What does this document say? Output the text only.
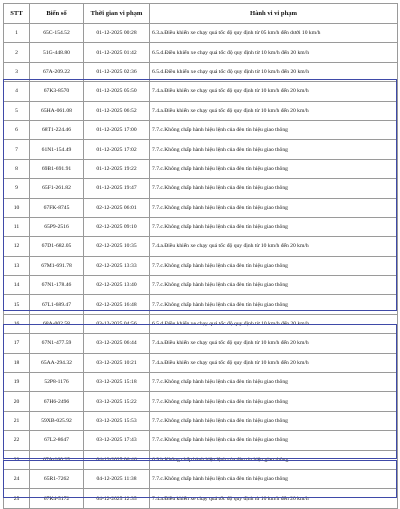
STT	Biển số	Thời gian vi phạm	Hành vi vi phạm
1	65C-154.52	01-12-2025 00:28	6.3.a.Điều khiển xe chạy quá tốc độ quy định từ 05 km/h đến dưới 10 km/h
2	51G-448.80	01-12-2025 01:42	6.5.d.Điều khiển xe chạy quá tốc độ quy định từ 10 km/h đến 20 km/h
3	67A-209.22	01-12-2025 02:36	6.5.d.Điều khiển xe chạy quá tốc độ quy định từ 10 km/h đến 20 km/h
4	67K3-8570	01-12-2025 05:50	7.4.a.Điều khiển xe chạy quá tốc độ quy định từ 10 km/h đến 20 km/h
5	65HA-061.08	01-12-2025 06:52	7.4.a.Điều khiển xe chạy quá tốc độ quy định từ 10 km/h đến 20 km/h
6	68T1-224.46	01-12-2025 17:00	7.7.c.Không chấp hành hiệu lệnh của đèn tín hiệu giao thông
7	61N1-154.49	01-12-2025 17:02	7.7.c.Không chấp hành hiệu lệnh của đèn tín hiệu giao thông
8	69B1-691.91	01-12-2025 19:22	7.7.c.Không chấp hành hiệu lệnh của đèn tín hiệu giao thông
9	65F1-261.82	01-12-2025 19:47	7.7.c.Không chấp hành hiệu lệnh của đèn tín hiệu giao thông
10	67FK-8745	02-12-2025 06:01	7.7.c.Không chấp hành hiệu lệnh của đèn tín hiệu giao thông
11	65P9-2516	02-12-2025 09:10	7.7.c.Không chấp hành hiệu lệnh của đèn tín hiệu giao thông
12	67D1-682.05	02-12-2025 10:35	7.4.a.Điều khiển xe chạy quá tốc độ quy định từ 10 km/h đến 20 km/h
13	67M1-691.78	02-12-2025 13:33	7.7.c.Không chấp hành hiệu lệnh của đèn tín hiệu giao thông
14	67N1-178.46	02-12-2025 13:40	7.7.c.Không chấp hành hiệu lệnh của đèn tín hiệu giao thông
15	67L1-689.47	02-12-2025 16:48	7.7.c.Không chấp hành hiệu lệnh của đèn tín hiệu giao thông
16	68A-002.58	03-12-2025 04:56	6.5.d.Điều khiển xe chạy quá tốc độ quy định từ 10 km/h đến 20 km/h
17	67N1-477.59	03-12-2025 06:44	7.4.a.Điều khiển xe chạy quá tốc độ quy định từ 10 km/h đến 20 km/h
18	65AA-294.32	03-12-2025 10:21	7.4.a.Điều khiển xe chạy quá tốc độ quy định từ 10 km/h đến 20 km/h
19	52P8-1176	03-12-2025 15:18	7.7.c.Không chấp hành hiệu lệnh của đèn tín hiệu giao thông
20	67H6-2496	03-12-2025 15:22	7.7.c.Không chấp hành hiệu lệnh của đèn tín hiệu giao thông
21	59XB-025.92	03-12-2025 15:53	7.7.c.Không chấp hành hiệu lệnh của đèn tín hiệu giao thông
22	67L2-8647	03-12-2025 17:43	7.7.c.Không chấp hành hiệu lệnh của đèn tín hiệu giao thông
23	67A-160.25	04-12-2025 06:46	6.9.b.Không chấp hành hiệu lệnh của đèn tín hiệu giao thông
24	65R1-7262	04-12-2025 11:38	7.7.c.Không chấp hành hiệu lệnh của đèn tín hiệu giao thông
25	67K4-5172	04-12-2025 12:35	7.4.a.Điều khiển xe chạy quá tốc độ quy định từ 10 km/h đến 20 km/h
